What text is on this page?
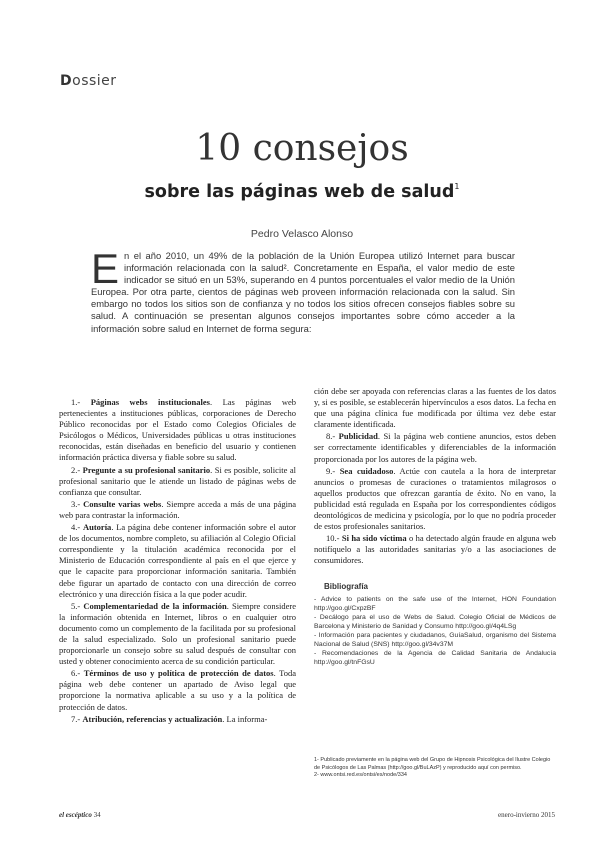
Dossier
10 consejos
sobre las páginas web de salud$^1$
Pedro Velasco Alonso
En el año 2010, un 49% de la población de la Unión Europea utilizó Internet para buscar información relacionada con la salud². Concretamente en España, el valor medio de este indicador se situó en un 53%, superando en 4 puntos porcentuales el valor medio de la Unión Europea. Por otra parte, cientos de páginas web proveen información relacionada con la salud. Sin embargo no todos los sitios son de confianza y no todos los sitios ofrecen consejos fiables sobre su salud. A continuación se presentan algunos consejos importantes sobre cómo acceder a la información sobre salud en Internet de forma segura:

1.- Páginas webs institucionales. Las páginas web pertenecientes a instituciones públicas, corporaciones de Derecho Público reconocidas por el Estado como Colegios Oficiales de Psicólogos o Médicos, Universidades públicas u otras instituciones reconocidas, están diseñadas en beneficio del usuario y contienen información práctica diversa y fiable sobre su salud.

2.- Pregunte a su profesional sanitario. Si es posible, solicite al profesional sanitario que le atiende un listado de páginas webs de confianza que consultar.

3.- Consulte varias webs. Siempre acceda a más de una página web para contrastar la información.

4.- Autoría. La página debe contener información sobre el autor de los documentos, nombre completo, su afiliación al Colegio Oficial correspondiente y la titulación académica reconocida por el Ministerio de Educación correspondiente al país en el que ejerce y que le capacite para proporcionar información sanitaria. También debe figurar un apartado de contacto con una dirección de correo electrónico y una dirección física a la que poder acudir.

5.- Complementariedad de la información. Siempre considere la información obtenida en Internet, libros o en cualquier otro documento como un complemento de la facilitada por su profesional de la salud especializado. Solo un profesional sanitario puede proporcionarle un consejo sobre su salud después de consultar con usted y obtener conocimiento acerca de su condición particular.

6.- Términos de uso y política de protección de datos. Toda página web debe contener un apartado de Aviso legal que proporcione la normativa aplicable a su uso y a la política de protección de datos.

7.- Atribución, referencias y actualización. La informa-

ción debe ser apoyada con referencias claras a las fuentes de los datos y, si es posible, se establecerán hipervínculos a esos datos. La fecha en que una página clínica fue modificada por última vez debe estar claramente identificada.

8.- Publicidad. Si la página web contiene anuncios, estos deben ser correctamente identificables y diferenciables de la información proporcionada por los autores de la página web.

9.- Sea cuidadoso. Actúe con cautela a la hora de interpretar anuncios o promesas de curaciones o tratamientos milagrosos o aquellos productos que ofrezcan garantía de éxito. No en vano, la publicidad está regulada en España por los correspondientes códigos deontológicos de medicina y psicología, por lo que no podría proceder de estos profesionales sanitarios.

10.- Si ha sido víctima o ha detectado algún fraude en alguna web notifíquelo a las autoridades sanitarias y/o a las asociaciones de consumidores.

Bibliografía
- Advice to patients on the safe use of the Internet, HON Foundation http://goo.gl/CxpzBF
- Decálogo para el uso de Webs de Salud. Colegio Oficial de Médicos de Barcelona y Ministerio de Sanidad y Consumo http://goo.gl/4q4LSg
- Información para pacientes y ciudadanos, GuíaSalud, organismo del Sistema Nacional de Salud (SNS) http://goo.gl/34v37M
- Recomendaciones de la Agencia de Calidad Sanitaria de Andalucía http://goo.gl/tnFGsU
1- Publicado previamente en la página web del Grupo de Hipnosis Psicológica del Ilustre Colegio de Psicólogos de Las Palmas (http://goo.gl/BuLAzP) y reproducido aquí con permiso.
2- www.ontsi.red.es/ontsi/es/node/334
el escéptico 34	enero-invierno 2015
